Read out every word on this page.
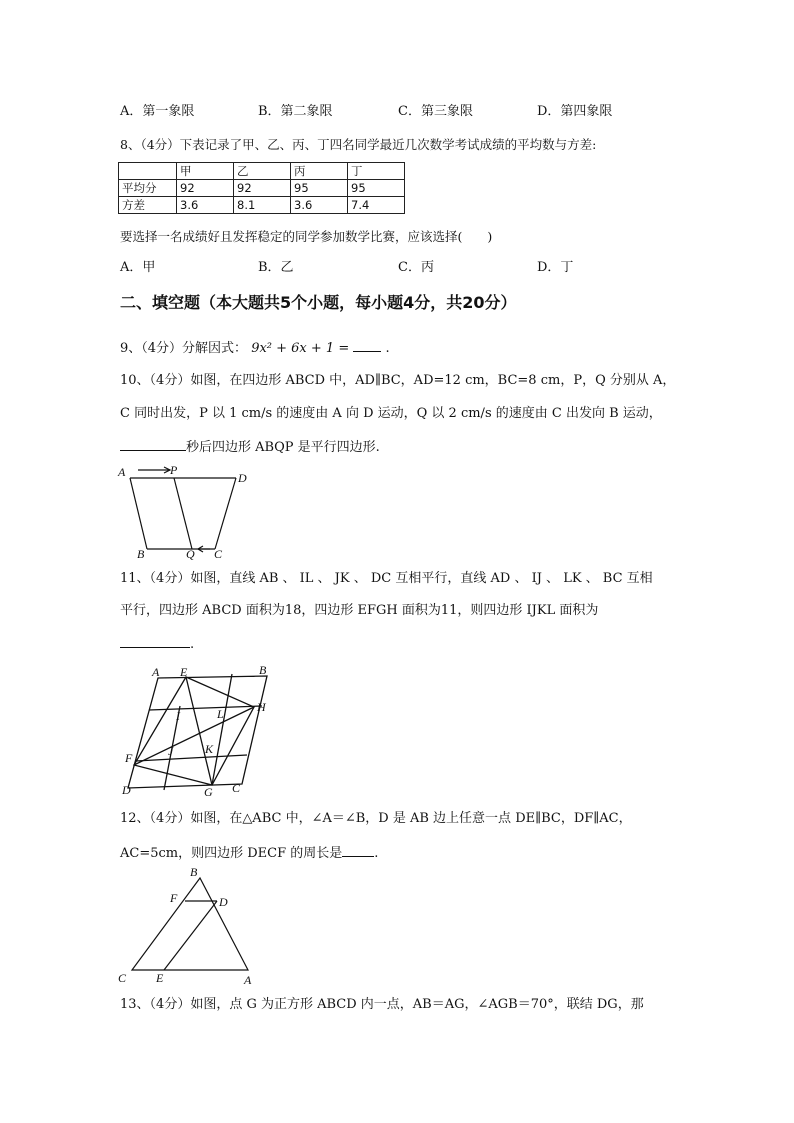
A．第一象限	B．第二象限	C．第三象限	D．第四象限
8、（4分）下表记录了甲、乙、丙、丁四名同学最近几次数学考试成绩的平均数与方差:
	甲	乙	丙	丁
平均分	92	92	95	95
方差	3.6	8.1	3.6	7.4
要选择一名成绩好且发挥稳定的同学参加数学比赛，应该选择(　　)
A．甲	B．乙	C．丙	D．丁
二、填空题（本大题共5个小题，每小题4分，共20分）
9、（4分）分解因式： 9x² + 6x + 1 =	.
10、（4分）如图，在四边形 ABCD 中，AD∥BC，AD=12 cm，BC=8 cm，P，Q 分别从 A，
C 同时出发，P 以 1 cm/s 的速度由 A 向 D 运动，Q 以 2 cm/s 的速度由 C 出发向 B 运动，
秒后四边形 ABQP 是平行四边形.
A	P
D
B	Q C
11、（4分）如图，直线 AB 、 IL 、 JK 、 DC 互相平行，直线 AD 、 IJ 、 LK 、 BC 互相
平行，四边形 ABCD 面积为18，四边形 EFGH 面积为11，则四边形 IJKL 面积为
.
A E	B
I	L	H
F	J	K
D	G C
12、（4分）如图，在△ABC 中，∠A＝∠B，D 是 AB 边上任意一点 DE∥BC，DF∥AC，
AC=5cm，则四边形 DECF 的周长是 .
B
F	D
C E	A
13、（4分）如图，点 G 为正方形 ABCD 内一点，AB＝AG，∠AGB＝70°，联结 DG，那
